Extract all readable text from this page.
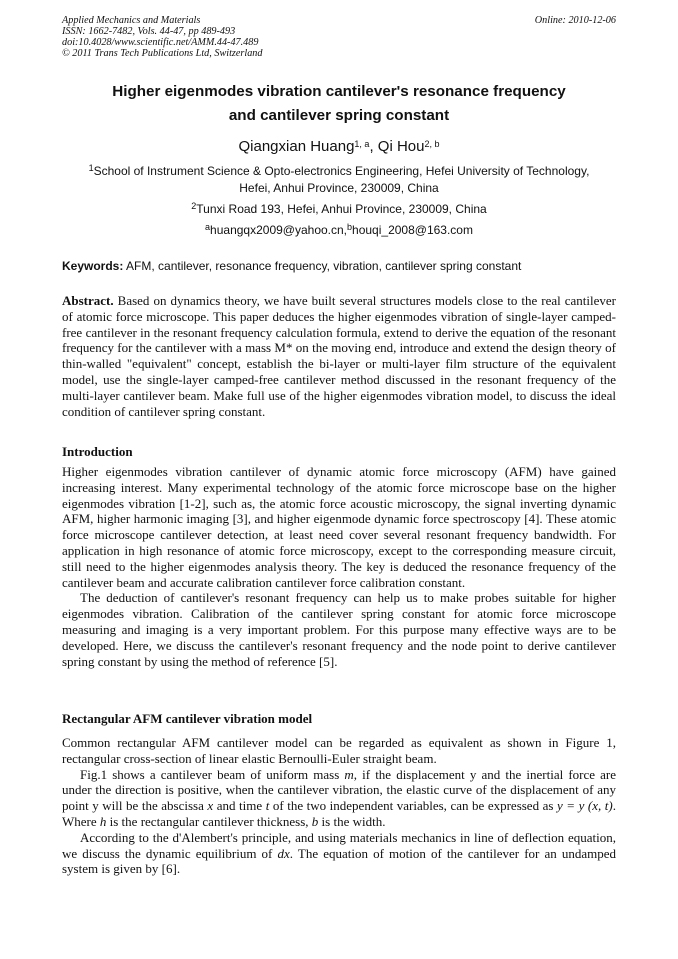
Applied Mechanics and Materials
ISSN: 1662-7482, Vols. 44-47, pp 489-493
doi:10.4028/www.scientific.net/AMM.44-47.489
© 2011 Trans Tech Publications Ltd, Switzerland
Online: 2010-12-06
Higher eigenmodes vibration cantilever's resonance frequency
and cantilever spring constant
Qiangxian Huang$^{1, a}$, Qi Hou$^{2, b}$
$^1$School of Instrument Science & Opto-electronics Engineering, Hefei University of Technology,
Hefei, Anhui Province, 230009, China
$^2$Tunxi Road 193, Hefei, Anhui Province, 230009, China
$^a$huangqx2009@yahoo.cn,$^b$houqi_2008@163.com
Keywords: AFM, cantilever, resonance frequency, vibration, cantilever spring constant

Abstract. Based on dynamics theory, we have built several structures models close to the real cantilever of atomic force microscope. This paper deduces the higher eigenmodes vibration of single-layer camped-free cantilever in the resonant frequency calculation formula, extend to derive the equation of the resonant frequency for the cantilever with a mass M* on the moving end, introduce and extend the design theory of thin-walled "equivalent" concept, establish the bi-layer or multi-layer film structure of the equivalent model, use the single-layer camped-free cantilever method discussed in the resonant frequency of the multi-layer cantilever beam. Make full use of the higher eigenmodes vibration model, to discuss the ideal condition of cantilever spring constant.

Introduction

Higher eigenmodes vibration cantilever of dynamic atomic force microscopy (AFM) have gained increasing interest. Many experimental technology of the atomic force microscope base on the higher eigenmodes vibration [1-2], such as, the atomic force acoustic microscopy, the signal inverting dynamic AFM, higher harmonic imaging [3], and higher eigenmode dynamic force spectroscopy [4]. These atomic force microscope cantilever detection, at least need cover several resonant frequency bandwidth. For application in high resonance of atomic force microscopy, except to the corresponding measure circuit, still need to the higher eigenmodes analysis theory. The key is deduced the resonance frequency of the cantilever beam and accurate calibration cantilever force calibration constant.

The deduction of cantilever's resonant frequency can help us to make probes suitable for higher eigenmodes vibration. Calibration of the cantilever spring constant for atomic force microscope measuring and imaging is a very important problem. For this purpose many effective ways are to be developed. Here, we discuss the cantilever's resonant frequency and the node point to derive cantilever spring constant by using the method of reference [5].

Rectangular AFM cantilever vibration model

Common rectangular AFM cantilever model can be regarded as equivalent as shown in Figure 1, rectangular cross-section of linear elastic Bernoulli-Euler straight beam.

Fig.1 shows a cantilever beam of uniform mass m, if the displacement y and the inertial force are under the direction is positive, when the cantilever vibration, the elastic curve of the displacement of any point y will be the abscissa x and time t of the two independent variables, can be expressed as y = y (x, t). Where h is the rectangular cantilever thickness, b is the width.

According to the d'Alembert's principle, and using materials mechanics in line of deflection equation, we discuss the dynamic equilibrium of dx. The equation of motion of the cantilever for an undamped system is given by [6].
